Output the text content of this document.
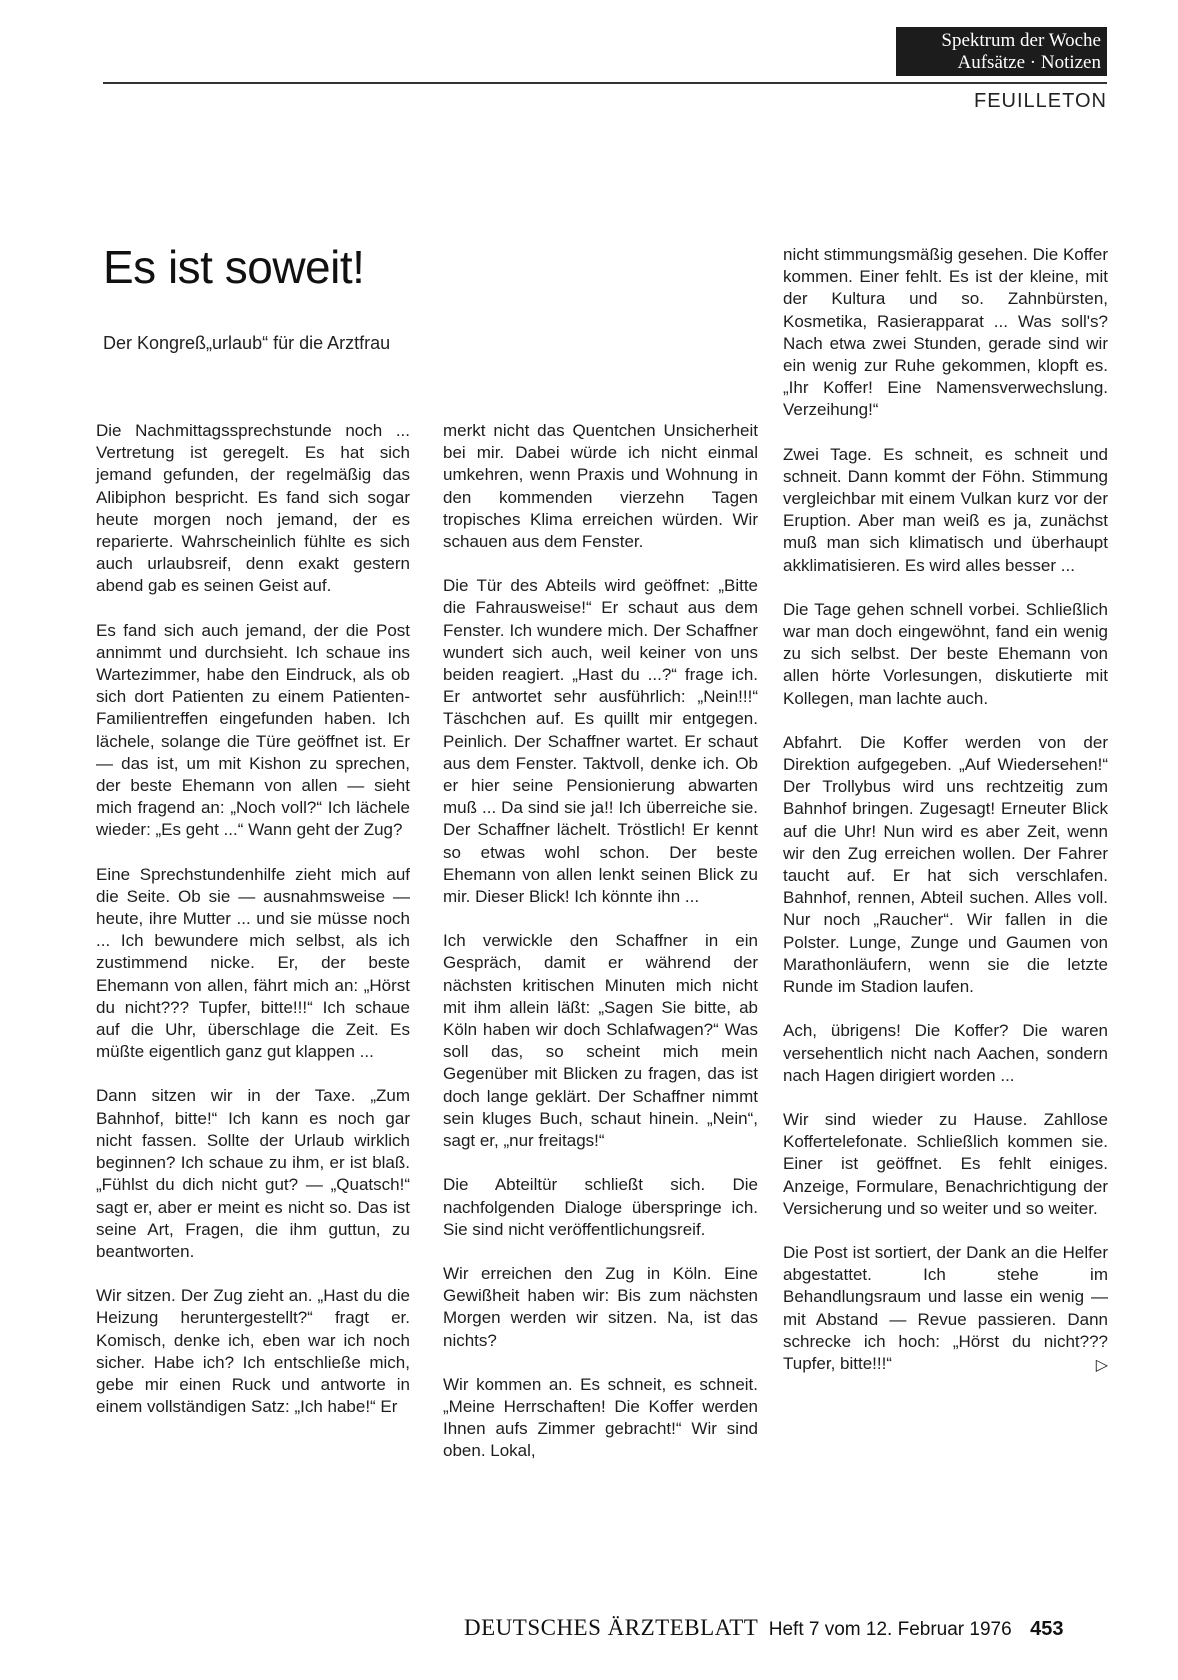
Spektrum der Woche
Aufsätze · Notizen
FEUILLETON
Es ist soweit!
Der Kongreß„urlaub“ für die Arztfrau

Die Nachmittagssprechstunde noch ... Vertretung ist geregelt. Es hat sich jemand gefunden, der regelmäßig das Alibiphon bespricht. Es fand sich sogar heute morgen noch jemand, der es reparierte. Wahrscheinlich fühlte es sich auch urlaubsreif, denn exakt gestern abend gab es seinen Geist auf.

Es fand sich auch jemand, der die Post annimmt und durchsieht. Ich schaue ins Wartezimmer, habe den Eindruck, als ob sich dort Patienten zu einem Patienten-Familientreffen eingefunden haben. Ich lächele, solange die Türe geöffnet ist. Er — das ist, um mit Kishon zu sprechen, der beste Ehemann von allen — sieht mich fragend an: „Noch voll?“ Ich lächele wieder: „Es geht ...“ Wann geht der Zug?

Eine Sprechstundenhilfe zieht mich auf die Seite. Ob sie — ausnahmsweise — heute, ihre Mutter ... und sie müsse noch ... Ich bewundere mich selbst, als ich zustimmend nicke. Er, der beste Ehemann von allen, fährt mich an: „Hörst du nicht??? Tupfer, bitte!!!“ Ich schaue auf die Uhr, überschlage die Zeit. Es müßte eigentlich ganz gut klappen ...

Dann sitzen wir in der Taxe. „Zum Bahnhof, bitte!“ Ich kann es noch gar nicht fassen. Sollte der Urlaub wirklich beginnen? Ich schaue zu ihm, er ist blaß. „Fühlst du dich nicht gut? — „Quatsch!“ sagt er, aber er meint es nicht so. Das ist seine Art, Fragen, die ihm guttun, zu beantworten.

Wir sitzen. Der Zug zieht an. „Hast du die Heizung heruntergestellt?“ fragt er. Komisch, denke ich, eben war ich noch sicher. Habe ich? Ich entschließe mich, gebe mir einen Ruck und antworte in einem vollständigen Satz: „Ich habe!“ Er

merkt nicht das Quentchen Unsicherheit bei mir. Dabei würde ich nicht einmal umkehren, wenn Praxis und Wohnung in den kommenden vierzehn Tagen tropisches Klima erreichen würden. Wir schauen aus dem Fenster.

Die Tür des Abteils wird geöffnet: „Bitte die Fahrausweise!“ Er schaut aus dem Fenster. Ich wundere mich. Der Schaffner wundert sich auch, weil keiner von uns beiden reagiert. „Hast du ...?“ frage ich. Er antwortet sehr ausführlich: „Nein!!!“ Täschchen auf. Es quillt mir entgegen. Peinlich. Der Schaffner wartet. Er schaut aus dem Fenster. Taktvoll, denke ich. Ob er hier seine Pensionierung abwarten muß ... Da sind sie ja!! Ich überreiche sie. Der Schaffner lächelt. Tröstlich! Er kennt so etwas wohl schon. Der beste Ehemann von allen lenkt seinen Blick zu mir. Dieser Blick! Ich könnte ihn ...

Ich verwickle den Schaffner in ein Gespräch, damit er während der nächsten kritischen Minuten mich nicht mit ihm allein läßt: „Sagen Sie bitte, ab Köln haben wir doch Schlafwagen?“ Was soll das, so scheint mich mein Gegenüber mit Blicken zu fragen, das ist doch lange geklärt. Der Schaffner nimmt sein kluges Buch, schaut hinein. „Nein“, sagt er, „nur freitags!“

Die Abteiltür schließt sich. Die nachfolgenden Dialoge überspringe ich. Sie sind nicht veröffentlichungsreif.

Wir erreichen den Zug in Köln. Eine Gewißheit haben wir: Bis zum nächsten Morgen werden wir sitzen. Na, ist das nichts?

Wir kommen an. Es schneit, es schneit. „Meine Herrschaften! Die Koffer werden Ihnen aufs Zimmer gebracht!“ Wir sind oben. Lokal,

nicht stimmungsmäßig gesehen. Die Koffer kommen. Einer fehlt. Es ist der kleine, mit der Kultura und so. Zahnbürsten, Kosmetika, Rasierapparat ... Was soll's? Nach etwa zwei Stunden, gerade sind wir ein wenig zur Ruhe gekommen, klopft es. „Ihr Koffer! Eine Namensverwechslung. Verzeihung!“

Zwei Tage. Es schneit, es schneit und schneit. Dann kommt der Föhn. Stimmung vergleichbar mit einem Vulkan kurz vor der Eruption. Aber man weiß es ja, zunächst muß man sich klimatisch und überhaupt akklimatisieren. Es wird alles besser ...

Die Tage gehen schnell vorbei. Schließlich war man doch eingewöhnt, fand ein wenig zu sich selbst. Der beste Ehemann von allen hörte Vorlesungen, diskutierte mit Kollegen, man lachte auch.

Abfahrt. Die Koffer werden von der Direktion aufgegeben. „Auf Wiedersehen!“ Der Trollybus wird uns rechtzeitig zum Bahnhof bringen. Zugesagt! Erneuter Blick auf die Uhr! Nun wird es aber Zeit, wenn wir den Zug erreichen wollen. Der Fahrer taucht auf. Er hat sich verschlafen. Bahnhof, rennen, Abteil suchen. Alles voll. Nur noch „Raucher“. Wir fallen in die Polster. Lunge, Zunge und Gaumen von Marathonläufern, wenn sie die letzte Runde im Stadion laufen.

Ach, übrigens! Die Koffer? Die waren versehentlich nicht nach Aachen, sondern nach Hagen dirigiert worden ...

Wir sind wieder zu Hause. Zahllose Koffertelefonate. Schließlich kommen sie. Einer ist geöffnet. Es fehlt einiges. Anzeige, Formulare, Benachrichtigung der Versicherung und so weiter und so weiter.

Die Post ist sortiert, der Dank an die Helfer abgestattet. Ich stehe im Behandlungsraum und lasse ein wenig — mit Abstand — Revue passieren. Dann schrecke ich hoch: „Hörst du nicht??? Tupfer, bitte!!!“	▷

DEUTSCHES ÄRZTEBLATT Heft 7 vom 12. Februar 1976 453
